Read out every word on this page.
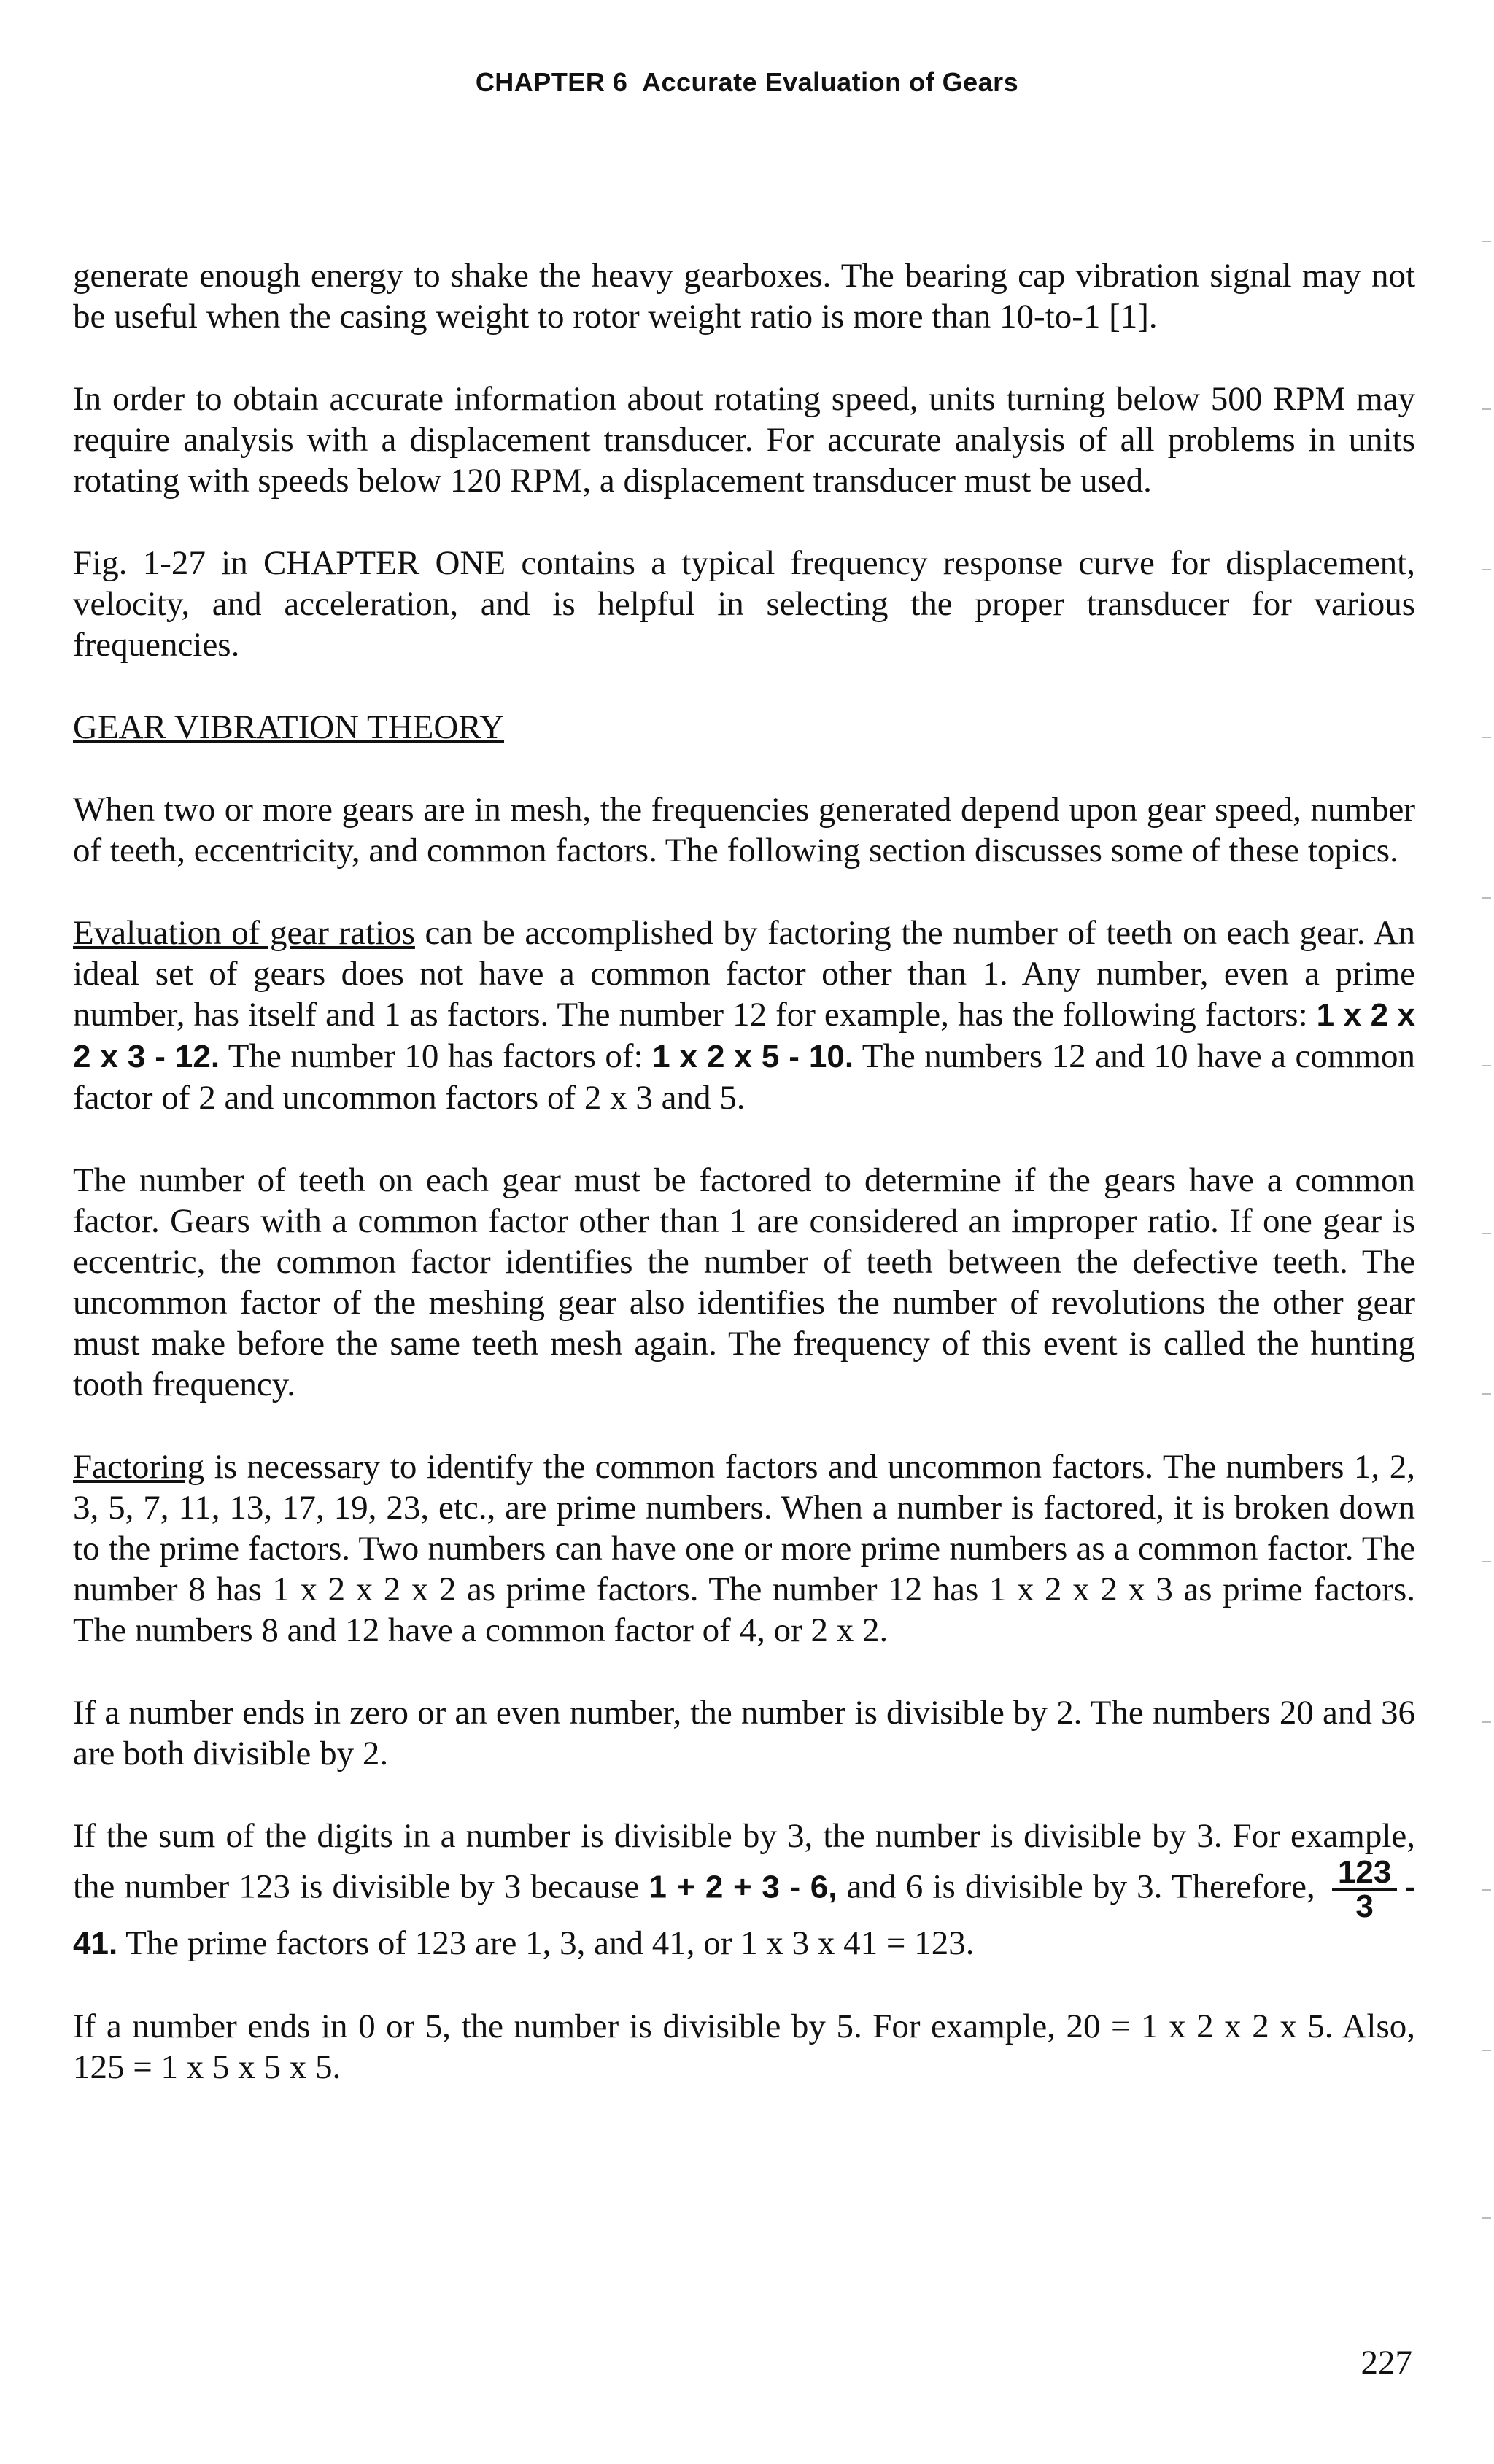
CHAPTER 6 Accurate Evaluation of Gears

generate enough energy to shake the heavy gearboxes. The bearing cap vibration signal may not be useful when the casing weight to rotor weight ratio is more than 10-to-1 [1].

In order to obtain accurate information about rotating speed, units turning below 500 RPM may require analysis with a displacement transducer. For accurate analysis of all problems in units rotating with speeds below 120 RPM, a displacement transducer must be used.

Fig. 1-27 in CHAPTER ONE contains a typical frequency response curve for displacement, velocity, and acceleration, and is helpful in selecting the proper transducer for various frequencies.

GEAR VIBRATION THEORY

When two or more gears are in mesh, the frequencies generated depend upon gear speed, number of teeth, eccentricity, and common factors. The following section discusses some of these topics.

Evaluation of gear ratios can be accomplished by factoring the number of teeth on each gear. An ideal set of gears does not have a common factor other than 1. Any number, even a prime number, has itself and 1 as factors. The number 12 for example, has the following factors: 1 x 2 x 2 x 3 - 12. The number 10 has factors of: 1 x 2 x 5 - 10. The numbers 12 and 10 have a common factor of 2 and uncommon factors of 2 x 3 and 5.

The number of teeth on each gear must be factored to determine if the gears have a common factor. Gears with a common factor other than 1 are considered an improper ratio. If one gear is eccentric, the common factor identifies the number of teeth between the defective teeth. The uncommon factor of the meshing gear also identifies the number of revolutions the other gear must make before the same teeth mesh again. The frequency of this event is called the hunting tooth frequency.

Factoring is necessary to identify the common factors and uncommon factors. The numbers 1, 2, 3, 5, 7, 11, 13, 17, 19, 23, etc., are prime numbers. When a number is factored, it is broken down to the prime factors. Two numbers can have one or more prime numbers as a common factor. The number 8 has 1 x 2 x 2 x 2 as prime factors. The number 12 has 1 x 2 x 2 x 3 as prime factors. The numbers 8 and 12 have a common factor of 4, or 2 x 2.

If a number ends in zero or an even number, the number is divisible by 2. The numbers 20 and 36 are both divisible by 2.

If the sum of the digits in a number is divisible by 3, the number is divisible by 3. For example, the number 123 is divisible by 3 because 1 + 2 + 3 - 6, and 6 is divisible by 3. Therefore, $\frac{123}{3} - 41$. The prime factors of 123 are 1, 3, and 41, or 1 x 3 x 41 = 123.

If a number ends in 0 or 5, the number is divisible by 5. For example, 20 = 1 x 2 x 2 x 5. Also, 125 = 1 x 5 x 5 x 5.

227
